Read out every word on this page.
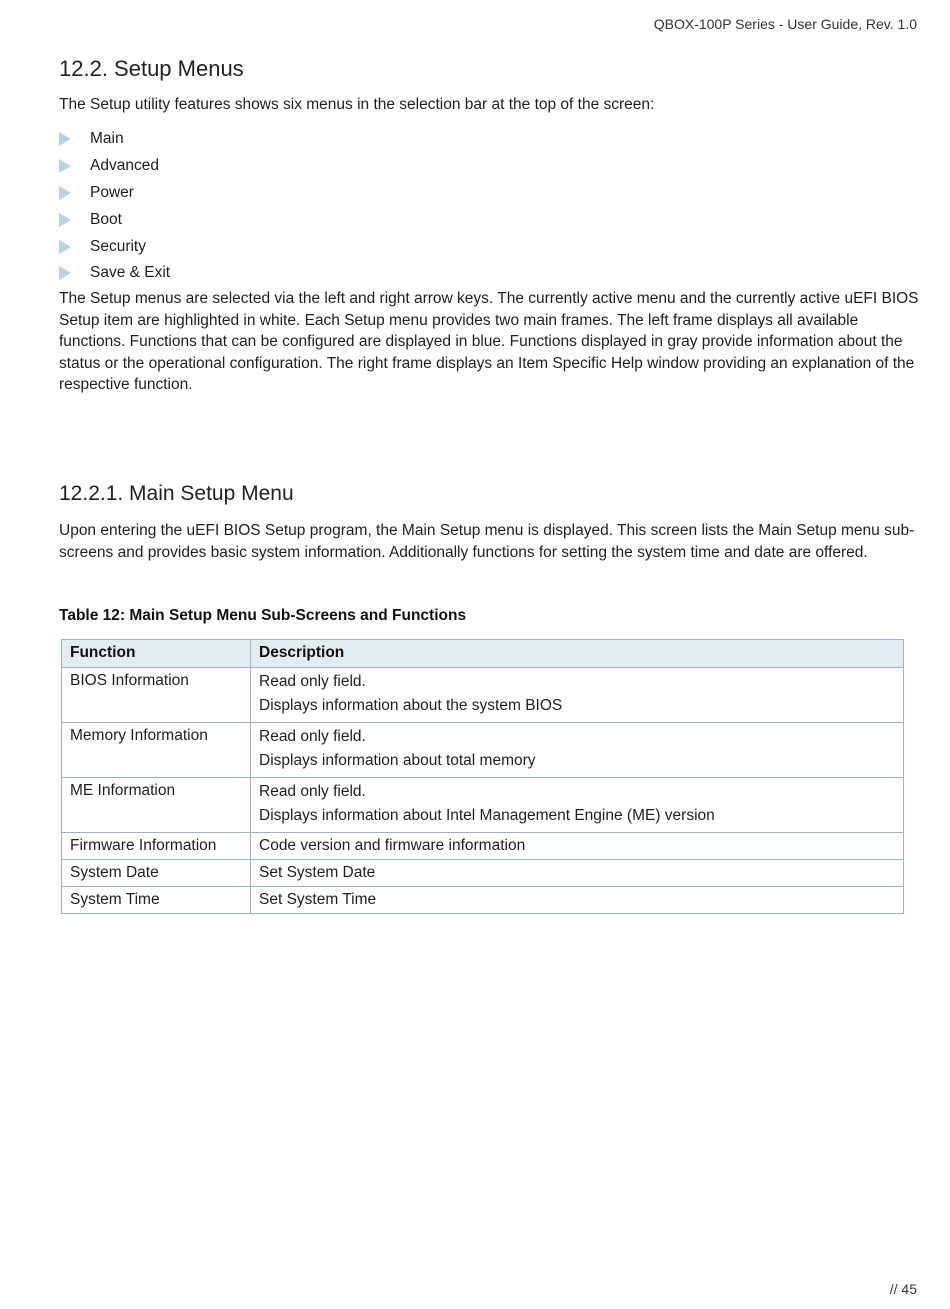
QBOX-100P Series - User Guide, Rev. 1.0
12.2. Setup Menus

The Setup utility features shows six menus in the selection bar at the top of the screen:

Main
Advanced
Power
Boot
Security
Save & Exit

The Setup menus are selected via the left and right arrow keys. The currently active menu and the currently active uEFI BIOS Setup item are highlighted in white. Each Setup menu provides two main frames. The left frame displays all available functions. Functions that can be configured are displayed in blue. Functions displayed in gray provide information about the status or the operational configuration. The right frame displays an Item Specific Help window providing an explanation of the respective function.

12.2.1. Main Setup Menu

Upon entering the uEFI BIOS Setup program, the Main Setup menu is displayed. This screen lists the Main Setup menu sub-screens and provides basic system information. Additionally functions for setting the system time and date are offered.

Table 12: Main Setup Menu Sub-Screens and Functions

Function	Description
BIOS Information	Read only field.
Displays information about the system BIOS

Memory Information	Read only field.
Displays information about total memory

ME Information	Read only field.
Displays information about Intel Management Engine (ME) version

Firmware Information	Code version and firmware information
System Date	Set System Date
System Time	Set System Time
// 45
